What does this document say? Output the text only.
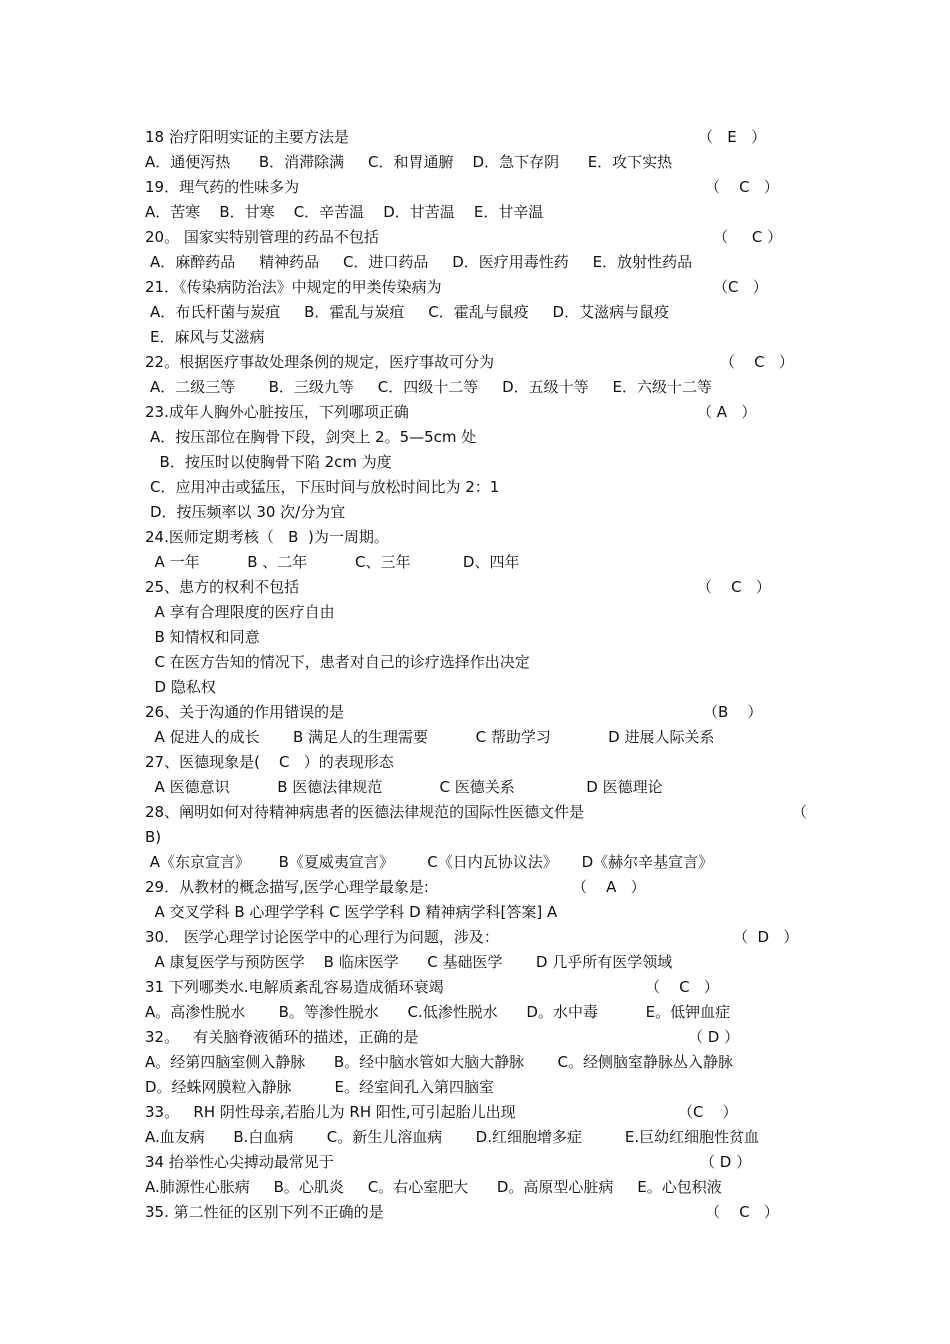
18 治疗阳明实证的主要方法是	（   E   ）
A．通便泻热      B．消滞除满     C．和胃通腑    D．急下存阴      E．攻下实热
19．理气药的性味多为	（    C   ）
A．苦寒    B．甘寒    C．辛苦温    D．甘苦温    E．甘辛温
20。 国家实特别管理的药品不包括	（     C ）
A．麻醉药品     精神药品     C．进口药品     D．医疗用毒性药     E．放射性药品
21．《传染病防治法》中规定的甲类传染病为	（C   ）
A．布氏杆菌与炭疽     B．霍乱与炭疽     C．霍乱与鼠疫     D．艾滋病与鼠疫
E．麻风与艾滋病
22。根据医疗事故处理条例的规定，医疗事故可分为	（    C   ）
A．二级三等       B．三级九等     C．四级十二等     D．五级十等     E．六级十二等
23.成年人胸外心脏按压，下列哪项正确	（ A   ）
A．按压部位在胸骨下段，剑突上 2。5—5cm 处
B．按压时以使胸骨下陷 2cm 为度
C．应用冲击或猛压，下压时间与放松时间比为 2：1
D．按压频率以 30 次/分为宜
24.医师定期考核（   B  )为一周期。
A 一年          B 、二年          C、三年           D、四年
25、患方的权利不包括	（    C   ）
A 享有合理限度的医疗自由
B 知情权和同意
C 在医方告知的情况下，患者对自己的诊疗选择作出决定
D 隐私权
26、关于沟通的作用错误的是	（B    ）
A 促进人的成长       B 满足人的生理需要          C 帮助学习            D 进展人际关系
27、医德现象是(    C   ）的表现形态
A 医德意识          B 医德法律规范            C 医德关系               D 医德理论
28、阐明如何对待精神病患者的医德法律规范的国际性医德文件是	（
B)
A《东京宣言》      B《夏威夷宣言》       C《日内瓦协议法》     D《赫尔辛基宣言》
29．从教材的概念描写,医学心理学最象是:	（    A   ）
A 交叉学科 B 心理学学科 C 医学学科 D 精神病学科[答案] A
30． 医学心理学讨论医学中的心理行为问题，涉及：	（  D   ）
A 康复医学与预防医学    B 临床医学      C 基础医学       D 几乎所有医学领域
31 下列哪类水.电解质紊乱容易造成循环衰竭	（    C   ）
A。高渗性脱水       B。等渗性脱水      C.低渗性脱水      D。水中毒          E。低钾血症
32。   有关脑脊液循环的描述，正确的是	（ D ）
A。经第四脑室侧入静脉      B。经中脑水管如大脑大静脉       C。经侧脑室静脉丛入静脉
D。经蛛网膜粒入静脉         E。经室间孔入第四脑室
33。   RH 阴性母亲,若胎儿为 RH 阳性,可引起胎儿出现	（C    ）
A.血友病      B.白血病       C。新生儿溶血病       D.红细胞增多症         E.巨幼红细胞性贫血
34 抬举性心尖搏动最常见于	（ D ）
A.肺源性心胀病     B。心肌炎     C。右心室肥大      D。高原型心脏病     E。心包积液
35. 第二性征的区别下列不正确的是	（    C   ）
